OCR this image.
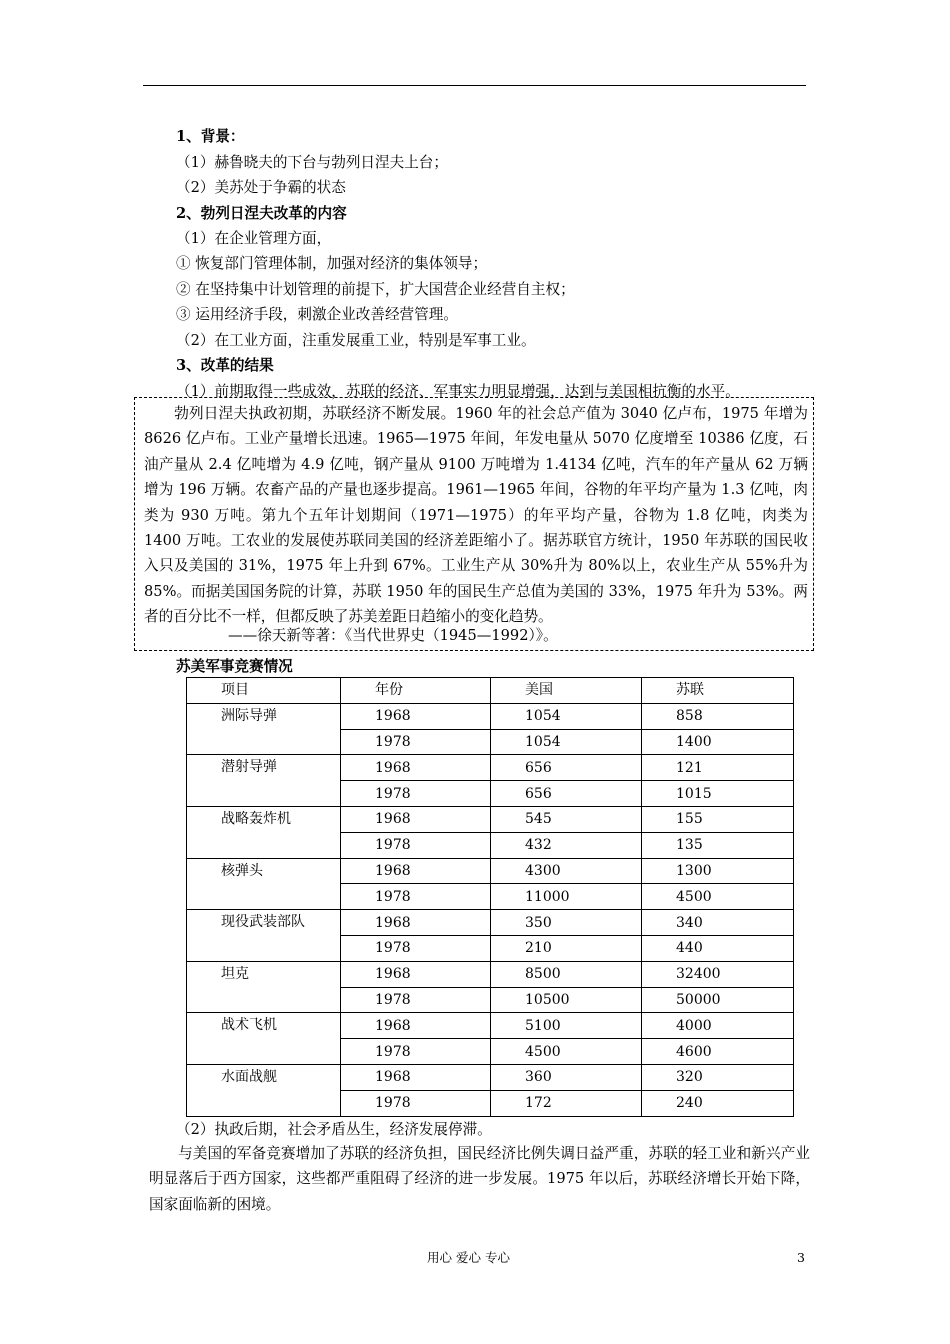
1、背景：
（1）赫鲁晓夫的下台与勃列日涅夫上台；
（2）美苏处于争霸的状态
2、勃列日涅夫改革的内容
（1）在企业管理方面，
① 恢复部门管理体制，加强对经济的集体领导；
② 在坚持集中计划管理的前提下，扩大国营企业经营自主权；
③ 运用经济手段，刺激企业改善经营管理。
（2）在工业方面，注重发展重工业，特别是军事工业。
3、改革的结果
（1）前期取得一些成效，苏联的经济、军事实力明显增强，达到与美国相抗衡的水平。
勃列日涅夫执政初期，苏联经济不断发展。1960 年的社会总产值为 3040 亿卢布，1975 年增为 8626 亿卢布。工业产量增长迅速。1965—1975 年间，年发电量从 5070 亿度增至 10386 亿度，石油产量从 2.4 亿吨增为 4.9 亿吨，钢产量从 9100 万吨增为 1.4134 亿吨，汽车的年产量从 62 万辆增为 196 万辆。农畜产品的产量也逐步提高。1961—1965 年间，谷物的年平均产量为 1.3 亿吨，肉类为 930 万吨。第九个五年计划期间（1971—1975）的年平均产量，谷物为 1.8 亿吨，肉类为 1400 万吨。工农业的发展使苏联同美国的经济差距缩小了。据苏联官方统计，1950 年苏联的国民收入只及美国的 31%，1975 年上升到 67%。工业生产从 30%升为 80%以上，农业生产从 55%升为 85%。而据美国国务院的计算，苏联 1950 年的国民生产总值为美国的 33%，1975 年升为 53%。两者的百分比不一样，但都反映了苏美差距日趋缩小的变化趋势。
——徐天新等著：《当代世界史（1945—1992）》。
苏美军事竞赛情况
项目	年份	美国	苏联
洲际导弹	1968	1054	858
	1978	1054	1400
潜射导弹	1968	656	121
	1978	656	1015
战略轰炸机	1968	545	155
	1978	432	135
核弹头	1968	4300	1300
	1978	11000	4500
现役武装部队	1968	350	340
	1978	210	440
坦克	1968	8500	32400
	1978	10500	50000
战术飞机	1968	5100	4000
	1978	4500	4600
水面战舰	1968	360	320
	1978	172	240
（2）执政后期，社会矛盾丛生，经济发展停滞。
与美国的军备竞赛增加了苏联的经济负担，国民经济比例失调日益严重，苏联的轻工业和新兴产业明显落后于西方国家，这些都严重阻碍了经济的进一步发展。1975 年以后，苏联经济增长开始下降，国家面临新的困境。
用心 爱心 专心	3
